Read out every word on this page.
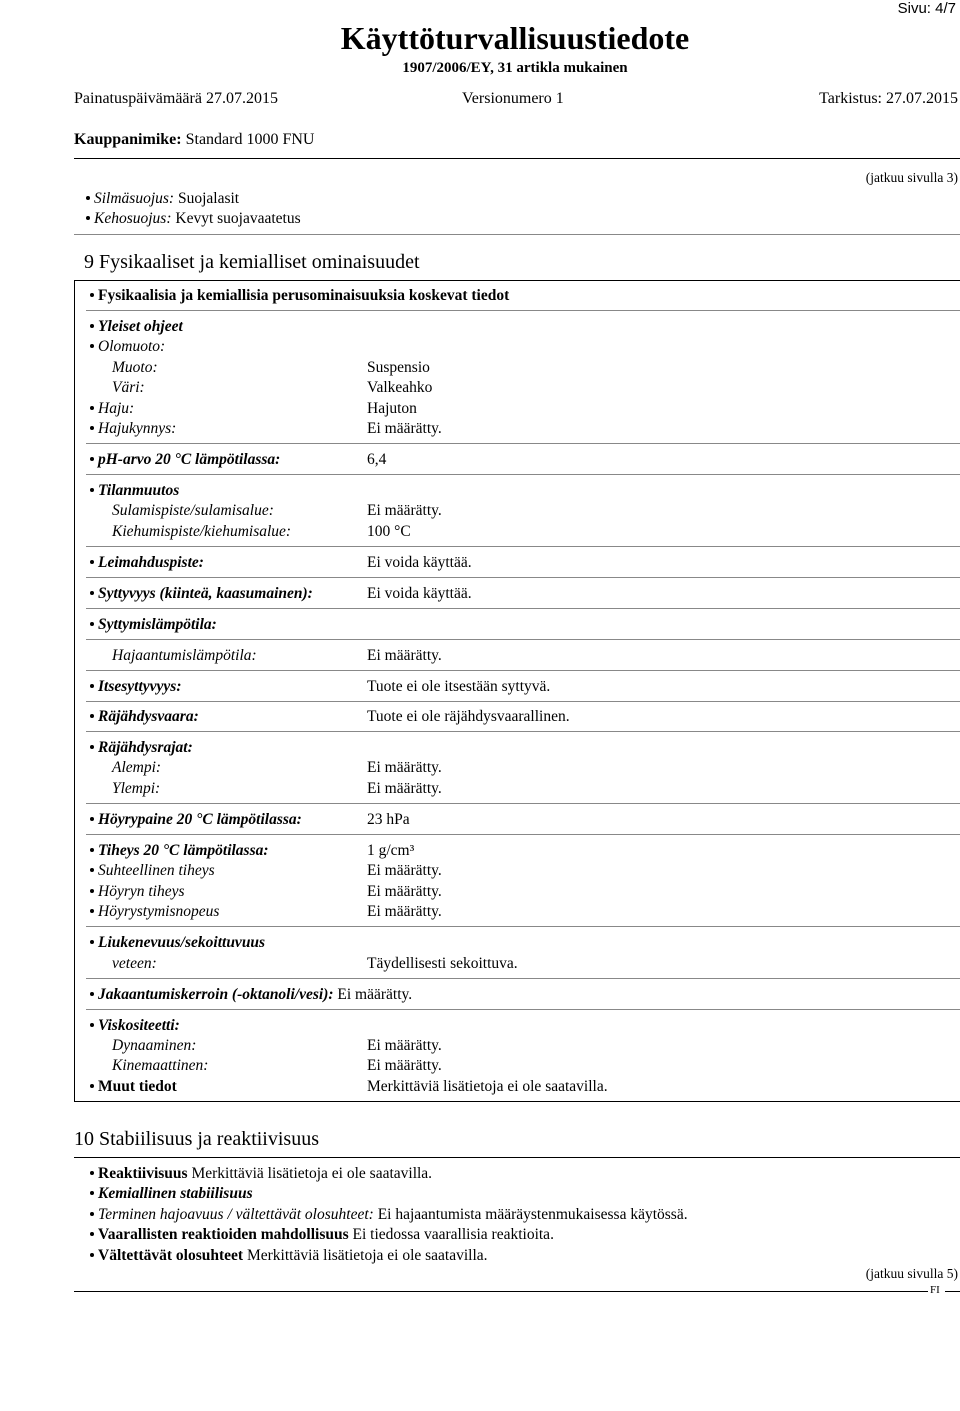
Sivu: 4/7
Käyttöturvallisuustiedote
1907/2006/EY, 31 artikla mukainen
Painatuspäivämäärä 27.07.2015	Versionumero 1	Tarkistus: 27.07.2015
Kauppanimike: Standard 1000 FNU
(jatkuu sivulla 3)
Silmäsuojus: Suojalasit
Kehosuojus: Kevyt suojavaatetus
9 Fysikaaliset ja kemialliset ominaisuudet
Fysikaalisia ja kemiallisia perusominaisuuksia koskevat tiedot
Yleiset ohjeet
Olomuoto:
Muoto:	Suspensio
Väri:	Valkeahko
Haju:	Hajuton
Hajukynnys:	Ei määrätty.
pH-arvo 20 °C lämpötilassa:	6,4
Tilanmuutos
Sulamispiste/sulamisalue:	Ei määrätty.
Kiehumispiste/kiehumisalue:	100 °C
Leimahduspiste:	Ei voida käyttää.
Syttyvyys (kiinteä, kaasumainen):	Ei voida käyttää.
Syttymislämpötila:
Hajaantumislämpötila:	Ei määrätty.
Itsesyttyvyys:	Tuote ei ole itsestään syttyvä.
Räjähdysvaara:	Tuote ei ole räjähdysvaarallinen.
Räjähdysrajat:
Alempi:	Ei määrätty.
Ylempi:	Ei määrätty.
Höyrypaine 20 °C lämpötilassa:	23 hPa
Tiheys 20 °C lämpötilassa:	1 g/cm³
Suhteellinen tiheys	Ei määrätty.
Höyryn tiheys	Ei määrätty.
Höyrystymisnopeus	Ei määrätty.
Liukenevuus/sekoittuvuus
veteen:	Täydellisesti sekoittuva.
Jakaantumiskerroin (-oktanoli/vesi): Ei määrätty.
Viskositeetti:
Dynaaminen:	Ei määrätty.
Kinemaattinen:	Ei määrätty.
Muut tiedot	Merkittäviä lisätietoja ei ole saatavilla.
10 Stabiilisuus ja reaktiivisuus
Reaktiivisuus Merkittäviä lisätietoja ei ole saatavilla.
Kemiallinen stabiilisuus
Terminen hajoavuus / vältettävät olosuhteet: Ei hajaantumista määräystenmukaisessa käytössä.
Vaarallisten reaktioiden mahdollisuus Ei tiedossa vaarallisia reaktioita.
Vältettävät olosuhteet Merkittäviä lisätietoja ei ole saatavilla.
(jatkuu sivulla 5)
FI
